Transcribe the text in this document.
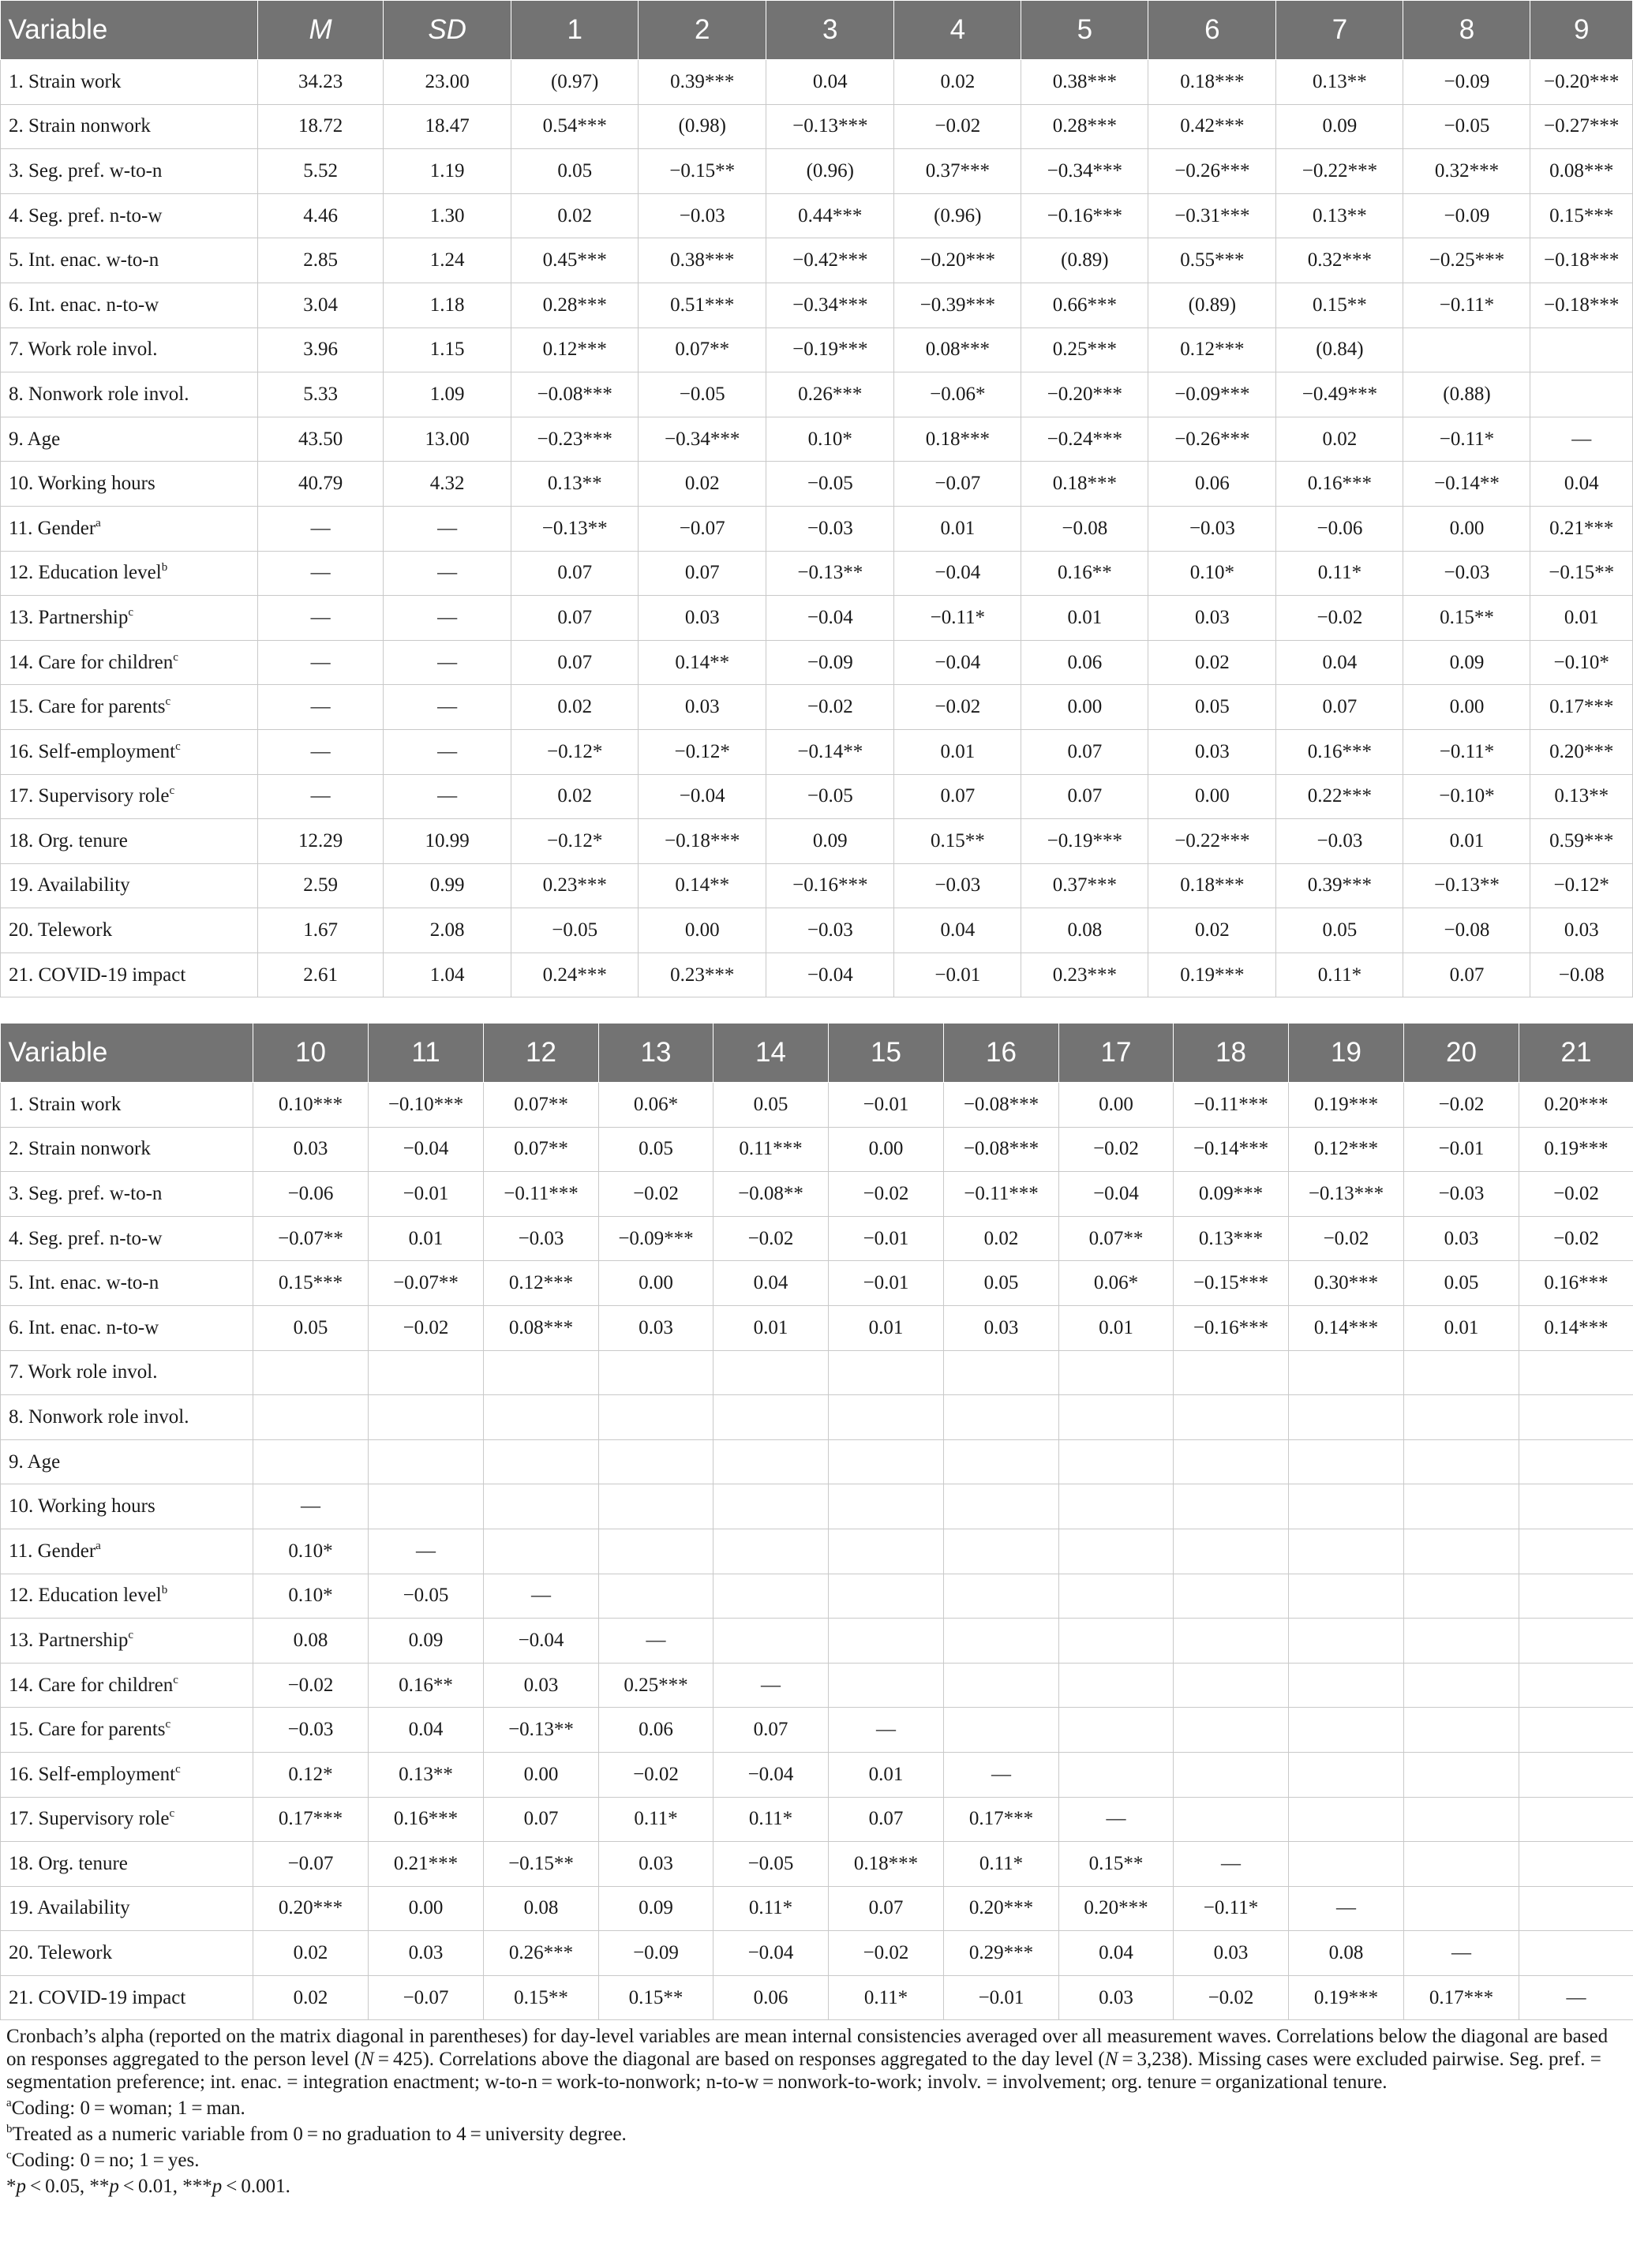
Variable	M	SD	1	2	3	4	5	6	7	8	9
1. Strain work	34.23	23.00	(0.97)	0.39***	0.04	0.02	0.38***	0.18***	0.13**	−0.09	−0.20***
2. Strain nonwork	18.72	18.47	0.54***	(0.98)	−0.13***	−0.02	0.28***	0.42***	0.09	−0.05	−0.27***
3. Seg. pref. w-to-n	5.52	1.19	0.05	−0.15**	(0.96)	0.37***	−0.34***	−0.26***	−0.22***	0.32***	0.08***
4. Seg. pref. n-to-w	4.46	1.30	0.02	−0.03	0.44***	(0.96)	−0.16***	−0.31***	0.13**	−0.09	0.15***
5. Int. enac. w-to-n	2.85	1.24	0.45***	0.38***	−0.42***	−0.20***	(0.89)	0.55***	0.32***	−0.25***	−0.18***
6. Int. enac. n-to-w	3.04	1.18	0.28***	0.51***	−0.34***	−0.39***	0.66***	(0.89)	0.15**	−0.11*	−0.18***
7. Work role invol.	3.96	1.15	0.12***	0.07**	−0.19***	0.08***	0.25***	0.12***	(0.84)		
8. Nonwork role invol.	5.33	1.09	−0.08***	−0.05	0.26***	−0.06*	−0.20***	−0.09***	−0.49***	(0.88)	
9. Age	43.50	13.00	−0.23***	−0.34***	0.10*	0.18***	−0.24***	−0.26***	0.02	−0.11*	—
10. Working hours	40.79	4.32	0.13**	0.02	−0.05	−0.07	0.18***	0.06	0.16***	−0.14**	0.04
11. Gender$^a$	—	—	−0.13**	−0.07	−0.03	0.01	−0.08	−0.03	−0.06	0.00	0.21***
12. Education level$^b$	—	—	0.07	0.07	−0.13**	−0.04	0.16**	0.10*	0.11*	−0.03	−0.15**
13. Partnership$^c$	—	—	0.07	0.03	−0.04	−0.11*	0.01	0.03	−0.02	0.15**	0.01
14. Care for children$^c$	—	—	0.07	0.14**	−0.09	−0.04	0.06	0.02	0.04	0.09	−0.10*
15. Care for parents$^c$	—	—	0.02	0.03	−0.02	−0.02	0.00	0.05	0.07	0.00	0.17***
16. Self-employment$^c$	—	—	−0.12*	−0.12*	−0.14**	0.01	0.07	0.03	0.16***	−0.11*	0.20***
17. Supervisory role$^c$	—	—	0.02	−0.04	−0.05	0.07	0.07	0.00	0.22***	−0.10*	0.13**
18. Org. tenure	12.29	10.99	−0.12*	−0.18***	0.09	0.15**	−0.19***	−0.22***	−0.03	0.01	0.59***
19. Availability	2.59	0.99	0.23***	0.14**	−0.16***	−0.03	0.37***	0.18***	0.39***	−0.13**	−0.12*
20. Telework	1.67	2.08	−0.05	0.00	−0.03	0.04	0.08	0.02	0.05	−0.08	0.03
21. COVID-19 impact	2.61	1.04	0.24***	0.23***	−0.04	−0.01	0.23***	0.19***	0.11*	0.07	−0.08
Variable	10	11	12	13	14	15	16	17	18	19	20	21
1. Strain work	0.10***	−0.10***	0.07**	0.06*	0.05	−0.01	−0.08***	0.00	−0.11***	0.19***	−0.02	0.20***
2. Strain nonwork	0.03	−0.04	0.07**	0.05	0.11***	0.00	−0.08***	−0.02	−0.14***	0.12***	−0.01	0.19***
3. Seg. pref. w-to-n	−0.06	−0.01	−0.11***	−0.02	−0.08**	−0.02	−0.11***	−0.04	0.09***	−0.13***	−0.03	−0.02
4. Seg. pref. n-to-w	−0.07**	0.01	−0.03	−0.09***	−0.02	−0.01	0.02	0.07**	0.13***	−0.02	0.03	−0.02
5. Int. enac. w-to-n	0.15***	−0.07**	0.12***	0.00	0.04	−0.01	0.05	0.06*	−0.15***	0.30***	0.05	0.16***
6. Int. enac. n-to-w	0.05	−0.02	0.08***	0.03	0.01	0.01	0.03	0.01	−0.16***	0.14***	0.01	0.14***
7. Work role invol.												
8. Nonwork role invol.												
9. Age												
10. Working hours	—											
11. Gender$^a$	0.10*	—										
12. Education level$^b$	0.10*	−0.05	—									
13. Partnership$^c$	0.08	0.09	−0.04	—								
14. Care for children$^c$	−0.02	0.16**	0.03	0.25***	—							
15. Care for parents$^c$	−0.03	0.04	−0.13**	0.06	0.07	—						
16. Self-employment$^c$	0.12*	0.13**	0.00	−0.02	−0.04	0.01	—					
17. Supervisory role$^c$	0.17***	0.16***	0.07	0.11*	0.11*	0.07	0.17***	—				
18. Org. tenure	−0.07	0.21***	−0.15**	0.03	−0.05	0.18***	0.11*	0.15**	—			
19. Availability	0.20***	0.00	0.08	0.09	0.11*	0.07	0.20***	0.20***	−0.11*	—		
20. Telework	0.02	0.03	0.26***	−0.09	−0.04	−0.02	0.29***	0.04	0.03	0.08	—	
21. COVID-19 impact	0.02	−0.07	0.15**	0.15**	0.06	0.11*	−0.01	0.03	−0.02	0.19***	0.17***	—

Cronbach’s alpha (reported on the matrix diagonal in parentheses) for day-level variables are mean internal consistencies averaged over all measurement waves. Correlations below the diagonal are based on responses aggregated to the person level (N = 425). Correlations above the diagonal are based on responses aggregated to the day level (N = 3,238). Missing cases were excluded pairwise. Seg. pref. = segmentation preference; int. enac. = integration enactment; w-to-n = work-to-nonwork; n-to-w = nonwork-to-work; involv. = involvement; org. tenure = organizational tenure.

$^a$Coding: 0 = woman; 1 = man.

$^b$Treated as a numeric variable from 0 = no graduation to 4 = university degree.

$^c$Coding: 0 = no; 1 = yes.

*p < 0.05, **p < 0.01, ***p < 0.001.
